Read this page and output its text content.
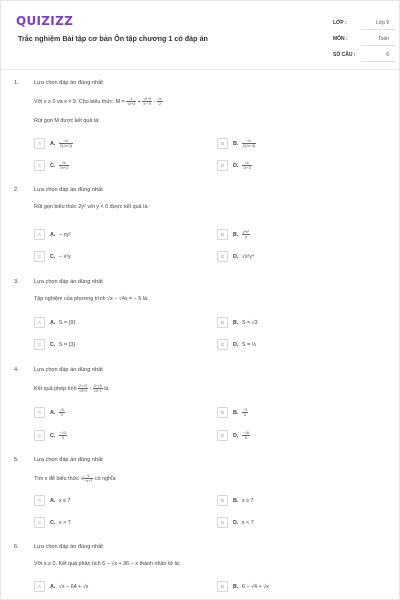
QUIZIZZ
Trắc nghiệm Bài tập cơ bản Ôn tập chương 1 có đáp án
LỚP :	Lớp 9
MÔN :	Toán
SỐ CÂU :	6
1.	Lựa chọn đáp án đúng nhất
Với x ≥ 0 và x ≠ 9. Cho biểu thức: $M = \frac{1}{√x+3} + \frac{√x-9}{x - 9} \cdot \frac{√x}{2}$
Rút gọn M được kết quả là:
A A. $\frac{√x}{2(√x+3)}$	B B. $\frac{√x}{2(√x-3)}$
C C. $\frac{√x}{√x+3}$	D D. $\frac{√x}{√x-3}$
2.	Lựa chọn đáp án đúng nhất
Rút gọn biểu thức 2y² với y < 0 được kết quả là:
A A. − xy²	B B. $\frac{\text{y²x²}}{y}$
C C. − x²y	D D. √x²y⁴
3.	Lựa chọn đáp án đúng nhất
Tập nghiệm của phương trình √x − √4x = − 5 là:
A A. S = {9}	B B. S = √3
C C. S = {3}	D D. S = ⅓
4.	Lựa chọn đáp án đúng nhất
Kết quả phép tính $\frac{2-√3}{√3+1}$ : $\frac{3-√3}{√3-1}$ là:
A A. $\frac{√3}{3}$	B B. $\frac{-3}{3}$
C C. $\frac{-√3}{3}$	D D. $\frac{-√6}{6}$
5.	Lựa chọn đáp án đúng nhất
Tìm x để biểu thức √ $\frac{6}{-x+7}$ có nghĩa
A A. x ≤ 7	B B. x ≥ 7
C C. x > 7	D D. x < 7
6.	Lựa chọn đáp án đúng nhất
Với x ≥ 0. Kết quả phân tích 6 − √x + 36 − x thành nhân tử là:
A A. √x − 64 + √x	B B. 6 − √4 + √x
